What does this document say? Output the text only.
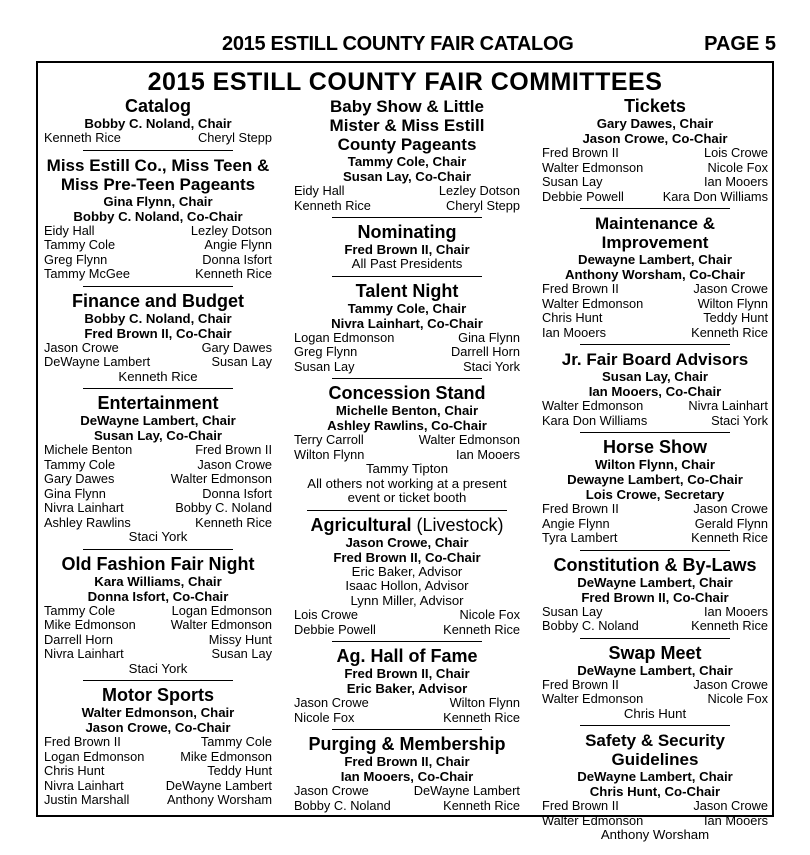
2015 ESTILL COUNTY FAIR CATALOG	PAGE 5
2015 ESTILL COUNTY FAIR COMMITTEES
Catalog
Bobby C. Noland, Chair
Kenneth Rice	Cheryl Stepp
Miss Estill Co., Miss Teen & Miss Pre-Teen Pageants
Gina Flynn, Chair
Bobby C. Noland, Co-Chair
Eidy Hall	Lezley Dotson
Tammy Cole	Angie Flynn
Greg Flynn	Donna Isfort
Tammy McGee	Kenneth Rice
Finance and Budget
Bobby C. Noland, Chair
Fred Brown II, Co-Chair
Jason Crowe	Gary Dawes
DeWayne Lambert	Susan Lay
Kenneth Rice
Entertainment
DeWayne Lambert, Chair
Susan Lay, Co-Chair
Michele Benton	Fred Brown II
Tammy Cole	Jason Crowe
Gary Dawes	Walter Edmonson
Gina Flynn	Donna Isfort
Nivra Lainhart	Bobby C. Noland
Ashley Rawlins	Kenneth Rice
Staci York
Old Fashion Fair Night
Kara Williams, Chair
Donna Isfort, Co-Chair
Tammy Cole	Logan Edmonson
Mike Edmonson	Walter Edmonson
Darrell Horn	Missy Hunt
Nivra Lainhart	Susan Lay
Staci York
Motor Sports
Walter Edmonson, Chair
Jason Crowe, Co-Chair
Fred Brown II	Tammy Cole
Logan Edmonson	Mike Edmonson
Chris Hunt	Teddy Hunt
Nivra Lainhart	DeWayne Lambert
Justin Marshall	Anthony Worsham
Baby Show & Little Mister & Miss Estill County Pageants
Tammy Cole, Chair
Susan Lay, Co-Chair
Eidy Hall	Lezley Dotson
Kenneth Rice	Cheryl Stepp
Nominating
Fred Brown II, Chair
All Past Presidents
Talent Night
Tammy Cole, Chair
Nivra Lainhart, Co-Chair
Logan Edmonson	Gina Flynn
Greg Flynn	Darrell Horn
Susan Lay	Staci York
Concession Stand
Michelle Benton, Chair
Ashley Rawlins, Co-Chair
Terry Carroll	Walter Edmonson
Wilton Flynn	Ian Mooers
Tammy Tipton
All others not working at a present
event or ticket booth
Agricultural (Livestock)
Jason Crowe, Chair
Fred Brown II, Co-Chair
Eric Baker, Advisor
Isaac Hollon, Advisor
Lynn Miller, Advisor
Lois Crowe	Nicole Fox
Debbie Powell	Kenneth Rice
Ag. Hall of Fame
Fred Brown II, Chair
Eric Baker, Advisor
Jason Crowe	Wilton Flynn
Nicole Fox	Kenneth Rice
Purging & Membership
Fred Brown II, Chair
Ian Mooers, Co-Chair
Jason Crowe	DeWayne Lambert
Bobby C. Noland	Kenneth Rice
Tickets
Gary Dawes, Chair
Jason Crowe, Co-Chair
Fred Brown II	Lois Crowe
Walter Edmonson	Nicole Fox
Susan Lay	Ian Mooers
Debbie Powell	Kara Don Williams
Maintenance & Improvement
Dewayne Lambert, Chair
Anthony Worsham, Co-Chair
Fred Brown II	Jason Crowe
Walter Edmonson	Wilton Flynn
Chris Hunt	Teddy Hunt
Ian Mooers	Kenneth Rice
Jr. Fair Board Advisors
Susan Lay, Chair
Ian Mooers, Co-Chair
Walter Edmonson	Nivra Lainhart
Kara Don Williams	Staci York
Horse Show
Wilton Flynn, Chair
Dewayne Lambert, Co-Chair
Lois Crowe, Secretary
Fred Brown II	Jason Crowe
Angie Flynn	Gerald Flynn
Tyra Lambert	Kenneth Rice
Constitution & By-Laws
DeWayne Lambert, Chair
Fred Brown II, Co-Chair
Susan Lay	Ian Mooers
Bobby C. Noland	Kenneth Rice
Swap Meet
DeWayne Lambert, Chair
Fred Brown II	Jason Crowe
Walter Edmonson	Nicole Fox
Chris Hunt
Safety & Security Guidelines
DeWayne Lambert, Chair
Chris Hunt, Co-Chair
Fred Brown II	Jason Crowe
Walter Edmonson	Ian Mooers
Anthony Worsham
